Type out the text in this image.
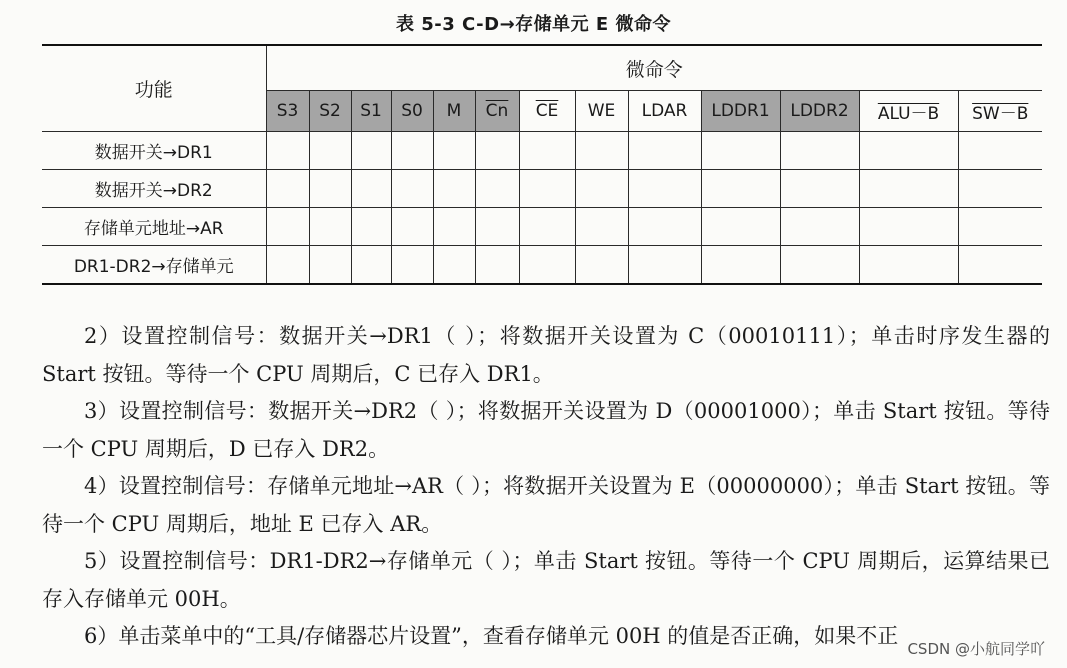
表 5-3 C-D→存储单元 E 微命令
功能	微命令												
	S3	S2	S1	S0	M	$\overline{Cn}$	$\overline{CE}$	WE	LDAR	LDDR1	LDDR2	ALU－B	SW－B
数据开关→DR1													
数据开关→DR2													
存储单元地址→AR													
DR1-DR2→存储单元													

2）设置控制信号：数据开关→DR1（ ）；将数据开关设置为 C（00010111）；单击时序发生器的 Start 按钮。等待一个 CPU 周期后，C 已存入 DR1。

3）设置控制信号：数据开关→DR2（ ）；将数据开关设置为 D（00001000）；单击 Start 按钮。等待一个 CPU 周期后，D 已存入 DR2。

4）设置控制信号：存储单元地址→AR（ ）；将数据开关设置为 E（00000000）；单击 Start 按钮。等待一个 CPU 周期后，地址 E 已存入 AR。

5）设置控制信号：DR1-DR2→存储单元（ ）；单击 Start 按钮。等待一个 CPU 周期后，运算结果已存入存储单元 00H。

6）单击菜单中的“工具/存储器芯片设置”，查看存储单元 00H 的值是否正确，如果不正

CSDN @小航同学吖
